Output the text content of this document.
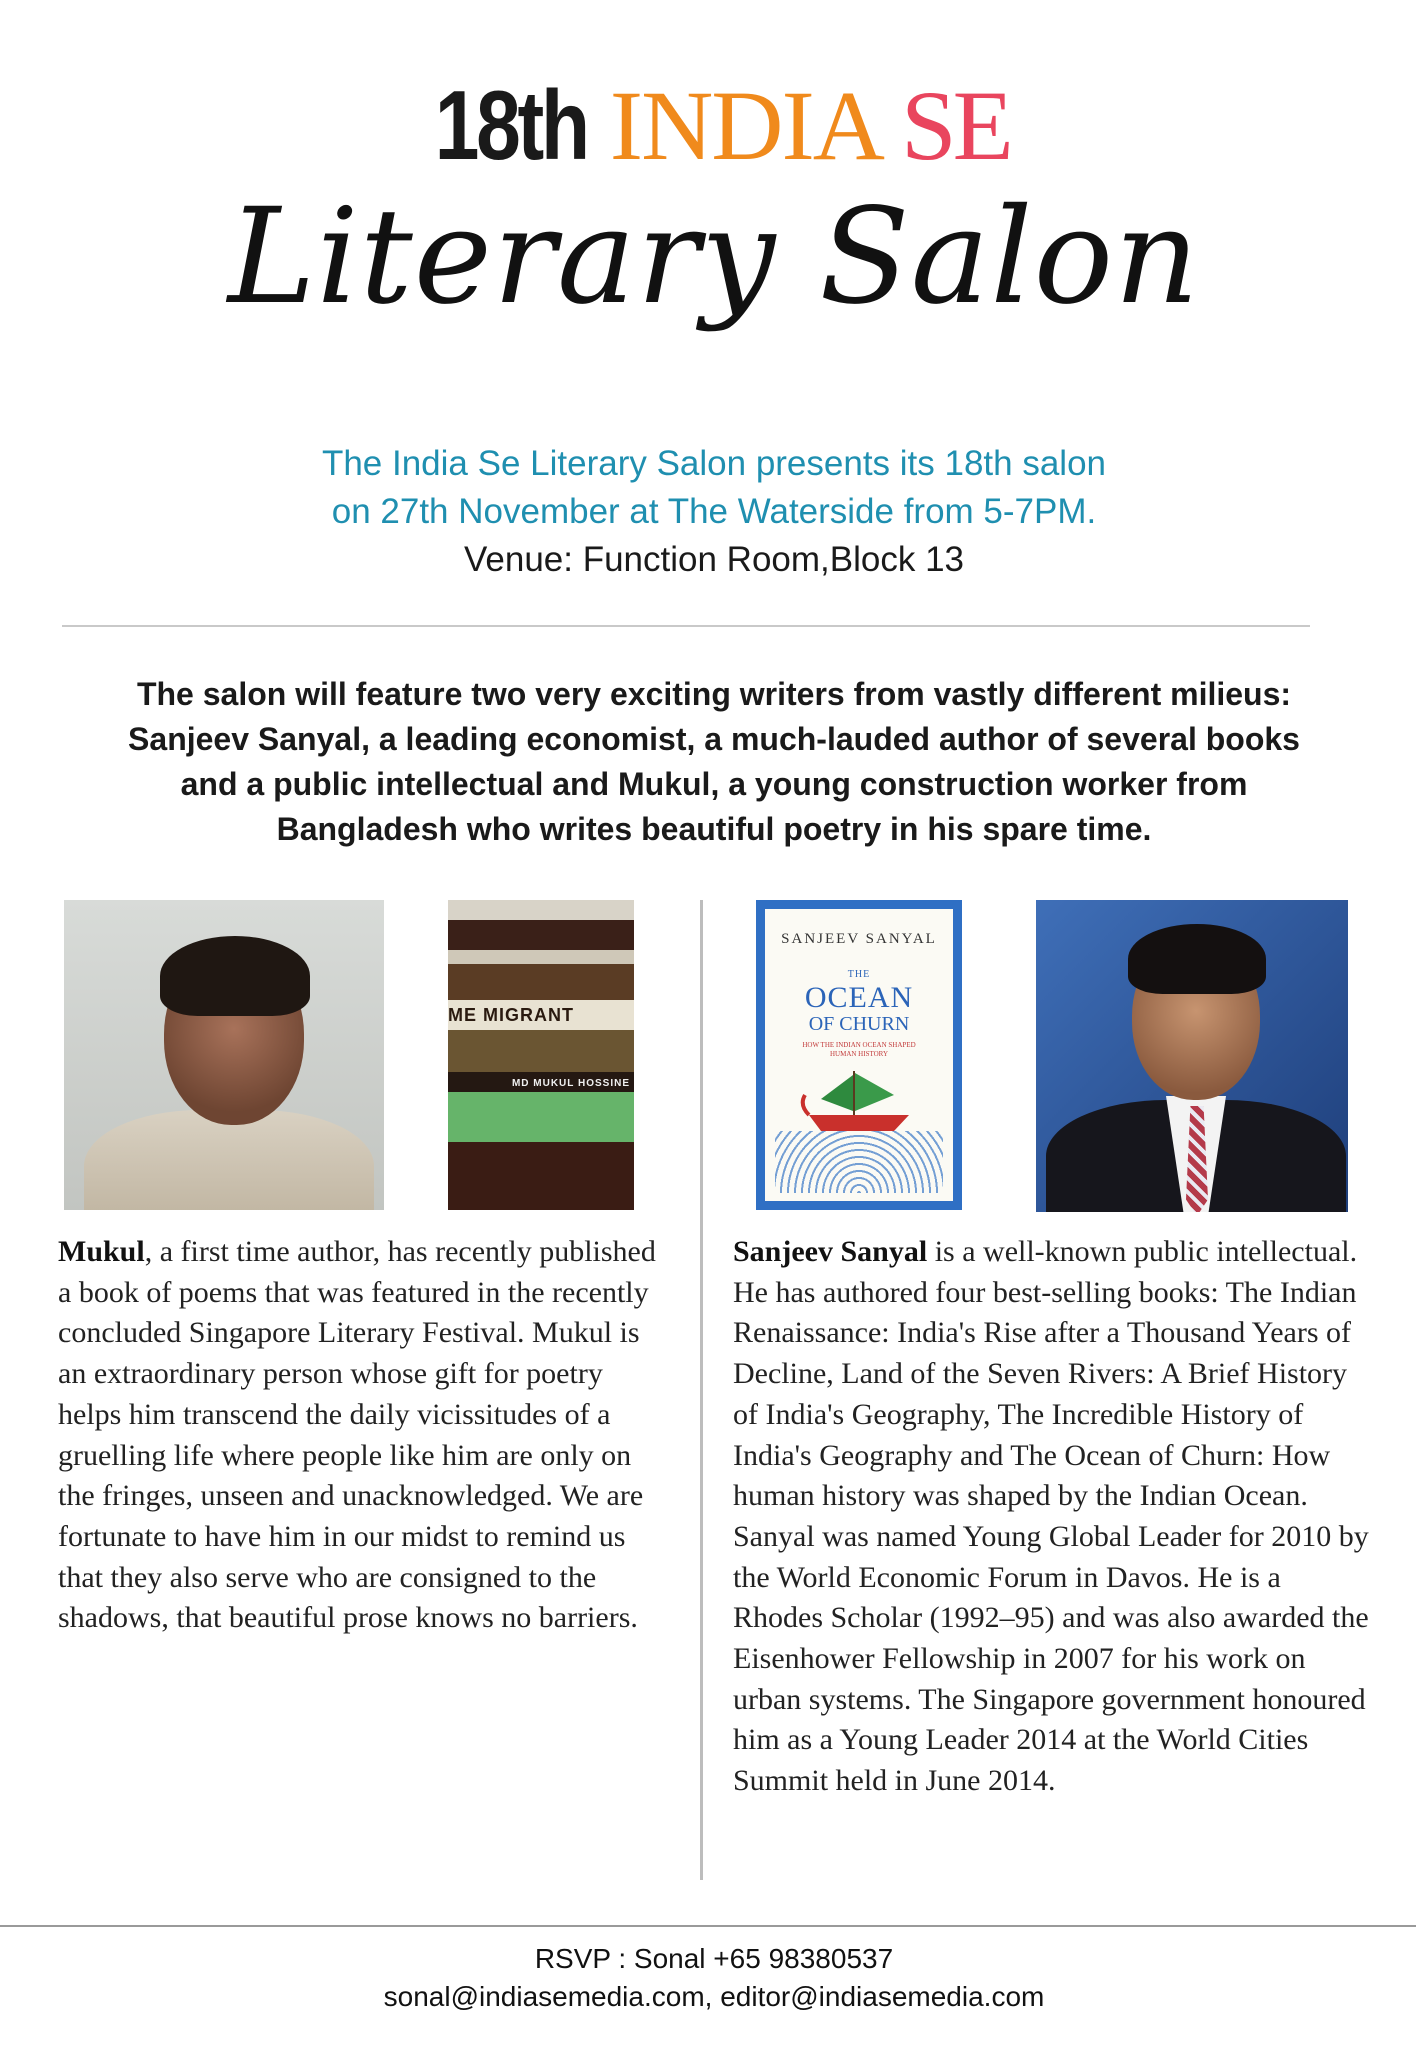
18th INDIA SE
Literary Salon
The India Se Literary Salon presents its 18th salon
on 27th November at The Waterside from 5-7PM.
Venue: Function Room,Block 13
The salon will feature two very exciting writers from vastly different milieus:
Sanjeev Sanyal, a leading economist, a much-lauded author of several books
and a public intellectual and Mukul, a young construction worker from
Bangladesh who writes beautiful poetry in his spare time.
ME MIGRANT
MD MUKUL HOSSINE
SANJEEV SANYAL
THE
OCEAN
OF CHURN
HOW THE INDIAN OCEAN SHAPED HUMAN HISTORY
Mukul, a first time author, has recently published a book of poems that was featured in the recently concluded Singapore Literary Festival. Mukul is an extraordinary person whose gift for poetry helps him transcend the daily vicissitudes of a gruelling life where people like him are only on the fringes, unseen and unacknowledged. We are fortunate to have him in our midst to remind us that they also serve who are consigned to the shadows, that beautiful prose knows no barriers.
Sanjeev Sanyal is a well-known public intellectual. He has authored four best-selling books: The Indian Renaissance: India's Rise after a Thousand Years of Decline, Land of the Seven Rivers: A Brief History of India's Geography, The Incredible History of India's Geography and The Ocean of Churn: How human history was shaped by the Indian Ocean. Sanyal was named Young Global Leader for 2010 by the World Economic Forum in Davos. He is a Rhodes Scholar (1992–95) and was also awarded the Eisenhower Fellowship in 2007 for his work on urban systems. The Singapore government honoured him as a Young Leader 2014 at the World Cities Summit held in June 2014.
RSVP : Sonal +65 98380537
sonal@indiasemedia.com, editor@indiasemedia.com
